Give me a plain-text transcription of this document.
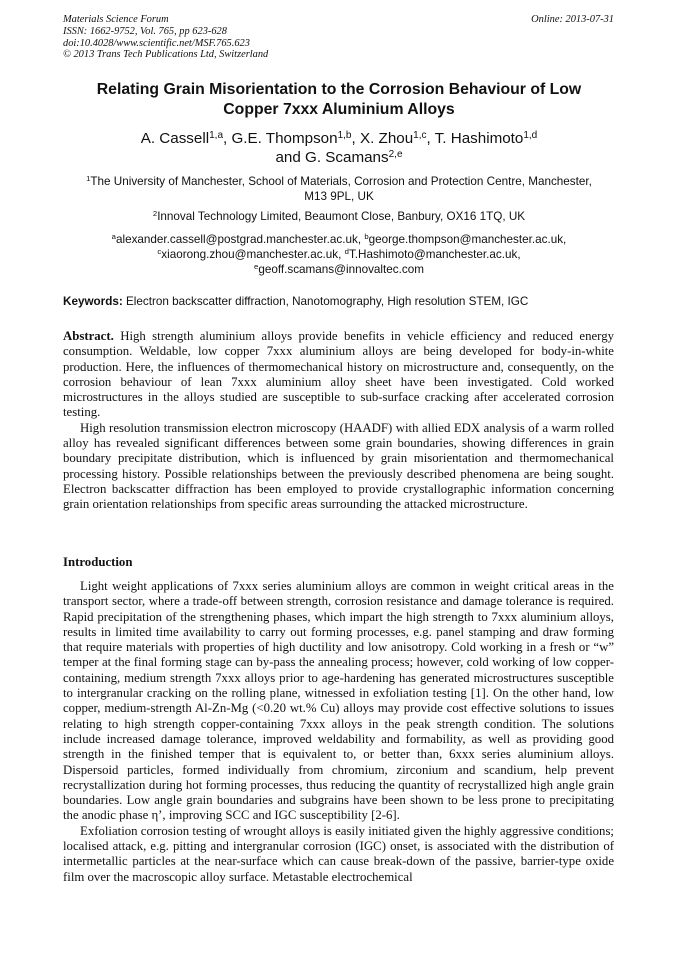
Materials Science Forum	Online: 2013-07-31
ISSN: 1662-9752, Vol. 765, pp 623-628
doi:10.4028/www.scientific.net/MSF.765.623
© 2013 Trans Tech Publications Ltd, Switzerland
Relating Grain Misorientation to the Corrosion Behaviour of Low
Copper 7xxx Aluminium Alloys
A. Cassell$^{1,a}$, G.E. Thompson$^{1,b}$, X. Zhou$^{1,c}$, T. Hashimoto$^{1,d}$
and G. Scamans$^{2,e}$
$^1$The University of Manchester, School of Materials, Corrosion and Protection Centre, Manchester,
M13 9PL, UK
$^2$Innoval Technology Limited, Beaumont Close, Banbury, OX16 1TQ, UK
$^a$alexander.cassell@postgrad.manchester.ac.uk, $^b$george.thompson@manchester.ac.uk,
$^c$xiaorong.zhou@manchester.ac.uk, $^d$T.Hashimoto@manchester.ac.uk,
$^e$geoff.scamans@innovaltec.com
Keywords: Electron backscatter diffraction, Nanotomography, High resolution STEM, IGC

Abstract. High strength aluminium alloys provide benefits in vehicle efficiency and reduced energy consumption. Weldable, low copper 7xxx aluminium alloys are being developed for body-in-white production. Here, the influences of thermomechanical history on microstructure and, consequently, on the corrosion behaviour of lean 7xxx aluminium alloy sheet have been investigated. Cold worked microstructures in the alloys studied are susceptible to sub-surface cracking after accelerated corrosion testing.

High resolution transmission electron microscopy (HAADF) with allied EDX analysis of a warm rolled alloy has revealed significant differences between some grain boundaries, showing differences in grain boundary precipitate distribution, which is influenced by grain misorientation and thermomechanical processing history. Possible relationships between the previously described phenomena are being sought. Electron backscatter diffraction has been employed to provide crystallographic information concerning grain orientation relationships from specific areas surrounding the attacked microstructure.

Introduction

Light weight applications of 7xxx series aluminium alloys are common in weight critical areas in the transport sector, where a trade-off between strength, corrosion resistance and damage tolerance is required. Rapid precipitation of the strengthening phases, which impart the high strength to 7xxx aluminium alloys, results in limited time availability to carry out forming processes, e.g. panel stamping and draw forming that require materials with properties of high ductility and low anisotropy. Cold working in a fresh or “w” temper at the final forming stage can by-pass the annealing process; however, cold working of low copper-containing, medium strength 7xxx alloys prior to age-hardening has generated microstructures susceptible to intergranular cracking on the rolling plane, witnessed in exfoliation testing [1]. On the other hand, low copper, medium-strength Al-Zn-Mg (<0.20 wt.% Cu) alloys may provide cost effective solutions to issues relating to high strength copper-containing 7xxx alloys in the peak strength condition. The solutions include increased damage tolerance, improved weldability and formability, as well as providing good strength in the finished temper that is equivalent to, or better than, 6xxx series aluminium alloys. Dispersoid particles, formed individually from chromium, zirconium and scandium, help prevent recrystallization during hot forming processes, thus reducing the quantity of recrystallized high angle grain boundaries. Low angle grain boundaries and subgrains have been shown to be less prone to precipitating the anodic phase η’, improving SCC and IGC susceptibility [2-6].

Exfoliation corrosion testing of wrought alloys is easily initiated given the highly aggressive conditions; localised attack, e.g. pitting and intergranular corrosion (IGC) onset, is associated with the distribution of intermetallic particles at the near-surface which can cause break-down of the passive, barrier-type oxide film over the macroscopic alloy surface. Metastable electrochemical
